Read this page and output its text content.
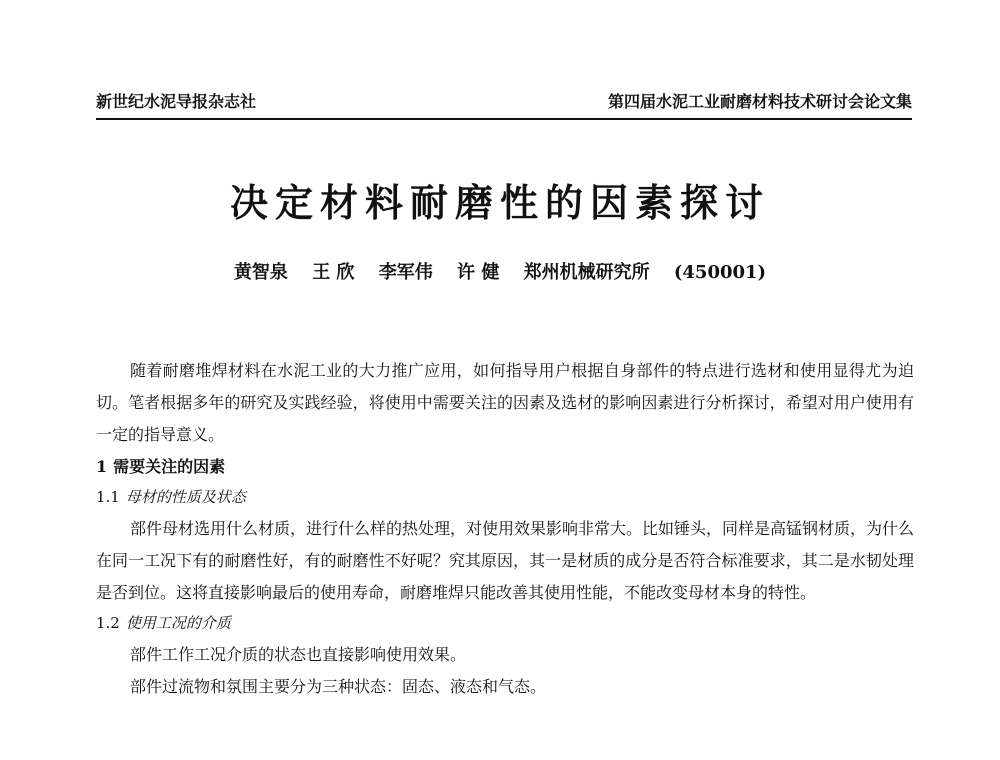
新世纪水泥导报杂志社	第四届水泥工业耐磨材料技术研讨会论文集
决定材料耐磨性的因素探讨
黄智泉 王 欣 李军伟 许 健 郑州机械研究所 (450001)

随着耐磨堆焊材料在水泥工业的大力推广应用，如何指导用户根据自身部件的特点进行选材和使用显得尤为迫切。笔者根据多年的研究及实践经验，将使用中需要关注的因素及选材的影响因素进行分析探讨，希望对用户使用有一定的指导意义。

1 需要关注的因素
1.1 母材的性质及状态

部件母材选用什么材质，进行什么样的热处理，对使用效果影响非常大。比如锤头，同样是高锰钢材质，为什么在同一工况下有的耐磨性好，有的耐磨性不好呢？究其原因，其一是材质的成分是否符合标准要求，其二是水韧处理是否到位。这将直接影响最后的使用寿命，耐磨堆焊只能改善其使用性能，不能改变母材本身的特性。

1.2 使用工况的介质

部件工作工况介质的状态也直接影响使用效果。

部件过流物和氛围主要分为三种状态：固态、液态和气态。
